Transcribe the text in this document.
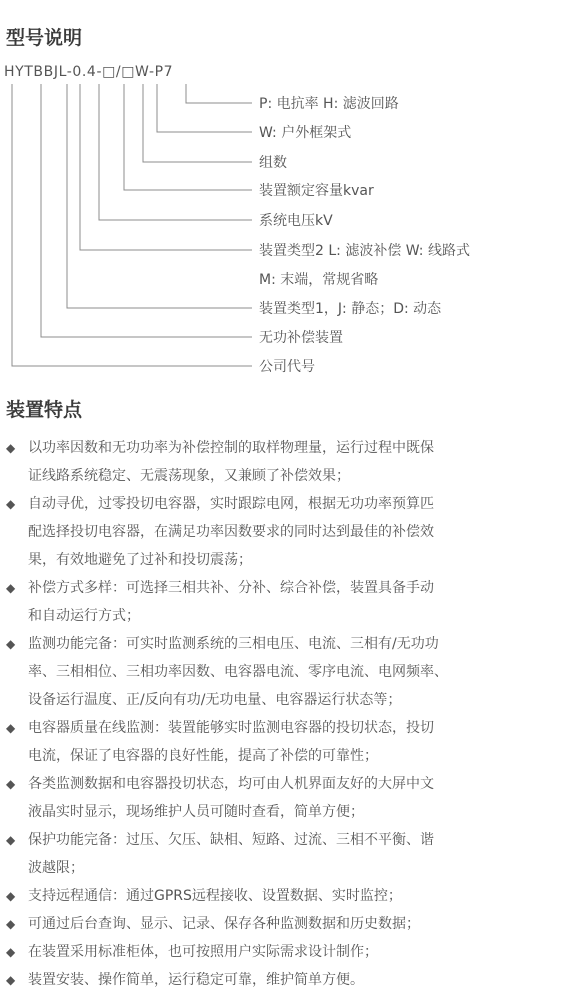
型号说明
HYTBBJL-0.4-□/□W-P7
P: 电抗率 H: 滤波回路
W: 户外框架式
组数
装置额定容量kvar
系统电压kV
装置类型2 L: 滤波补偿 W: 线路式
M: 末端，常规省略
装置类型1，J: 静态；D: 动态
无功补偿装置
公司代号
装置特点
◆ 以功率因数和无功功率为补偿控制的取样物理量，运行过程中既保
证线路系统稳定、无震荡现象，又兼顾了补偿效果；
◆ 自动寻优，过零投切电容器，实时跟踪电网，根据无功功率预算匹
配选择投切电容器，在满足功率因数要求的同时达到最佳的补偿效
果，有效地避免了过补和投切震荡；
◆ 补偿方式多样：可选择三相共补、分补、综合补偿，装置具备手动
和自动运行方式；
◆ 监测功能完备：可实时监测系统的三相电压、电流、三相有/无功功
率、三相相位、三相功率因数、电容器电流、零序电流、电网频率、
设备运行温度、正/反向有功/无功电量、电容器运行状态等；
◆ 电容器质量在线监测：装置能够实时监测电容器的投切状态，投切
电流，保证了电容器的良好性能，提高了补偿的可靠性；
◆ 各类监测数据和电容器投切状态，均可由人机界面友好的大屏中文
液晶实时显示，现场维护人员可随时查看，简单方便；
◆ 保护功能完备：过压、欠压、缺相、短路、过流、三相不平衡、谐
波越限；
◆ 支持远程通信：通过GPRS远程接收、设置数据、实时监控；
◆ 可通过后台查询、显示、记录、保存各种监测数据和历史数据；
◆ 在装置采用标准柜体，也可按照用户实际需求设计制作；
◆ 装置安装、操作简单，运行稳定可靠，维护简单方便。
